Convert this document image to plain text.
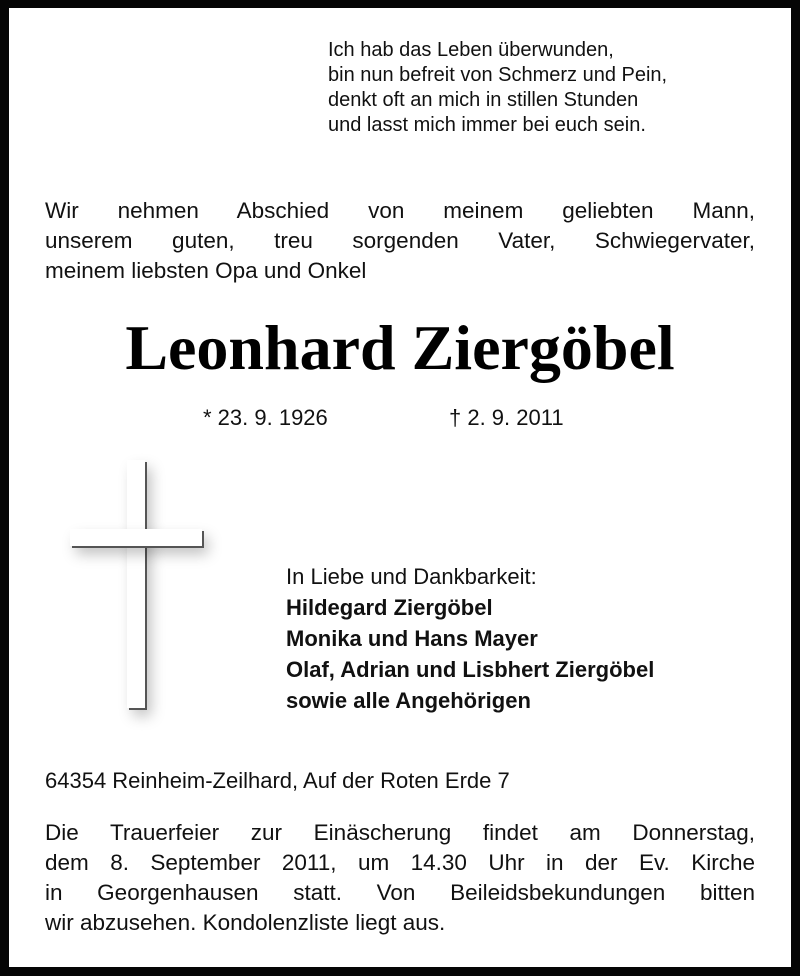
Ich hab das Leben überwunden,
bin nun befreit von Schmerz und Pein,
denkt oft an mich in stillen Stunden
und lasst mich immer bei euch sein.
Wir nehmen Abschied von meinem geliebten Mann,
unserem guten, treu sorgenden Vater, Schwiegervater,
meinem liebsten Opa und Onkel
Leonhard Ziergöbel
* 23. 9. 1926	† 2. 9. 2011
In Liebe und Dankbarkeit:
Hildegard Ziergöbel
Monika und Hans Mayer
Olaf, Adrian und Lisbhert Ziergöbel
sowie alle Angehörigen
64354 Reinheim-Zeilhard, Auf der Roten Erde 7
Die Trauerfeier zur Einäscherung findet am Donnerstag,
dem 8. September 2011, um 14.30 Uhr in der Ev. Kirche
in Georgenhausen statt. Von Beileidsbekundungen bitten
wir abzusehen. Kondolenzliste liegt aus.
